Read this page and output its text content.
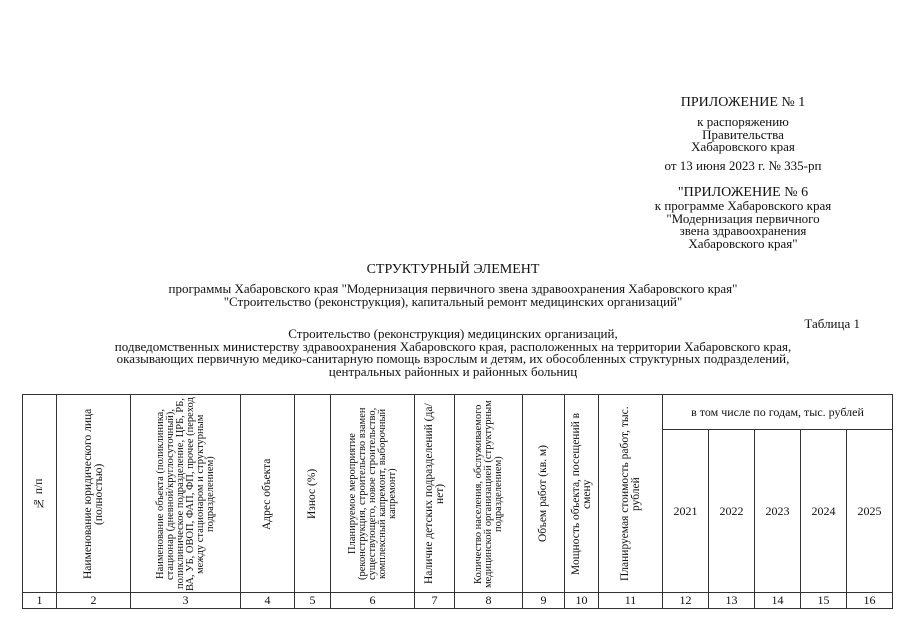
ПРИЛОЖЕНИЕ № 1
к распоряжению
Правительства
Хабаровского края
от 13 июня 2023 г. № 335-рп
"ПРИЛОЖЕНИЕ № 6
к программе Хабаровского края
"Модернизация первичного
звена здравоохранения
Хабаровского края"
СТРУКТУРНЫЙ ЭЛЕМЕНТ
программы Хабаровского края "Модернизация первичного звена здравоохранения Хабаровского края"
"Строительство (реконструкция), капитальный ремонт медицинских организаций"
Таблица 1
Строительство (реконструкция) медицинских организаций,
подведомственных министерству здравоохранения Хабаровского края, расположенных на территории Хабаровского края,
оказывающих первичную медико-санитарную помощь взрослым и детям, их обособленных структурных подразделений,
центральных районных и районных больниц
№ п/п	Наименование юридического лица (полностью)	Наименование объекта (поликлиника, стационар (дневной/круглосуточный), поликлиническое подразделение, ЦРБ, РБ, ВА, УБ, ОВОП, ФАП, ФП, прочее (переход между стационаром и структурным подразделением)	Адрес объекта	Износ (%)	Планируемое мероприятие (реконструкция, строительство взамен существующего, новое строительство, комплексный капремонт, выборочный капремонт)	Наличие детских подразделений (да/нет)	Количество населения, обслуживаемого медицинской организацией (структурным подразделением)	Объем работ (кв. м)	Мощность объекта, посещений в смену	Планируемая стоимость работ, тыс. рублей	в том числе по годам, тыс. рублей				
											2021	2022	2023	2024	2025
1	2	3	4	5	6	7	8	9	10	11	12	13	14	15	16
